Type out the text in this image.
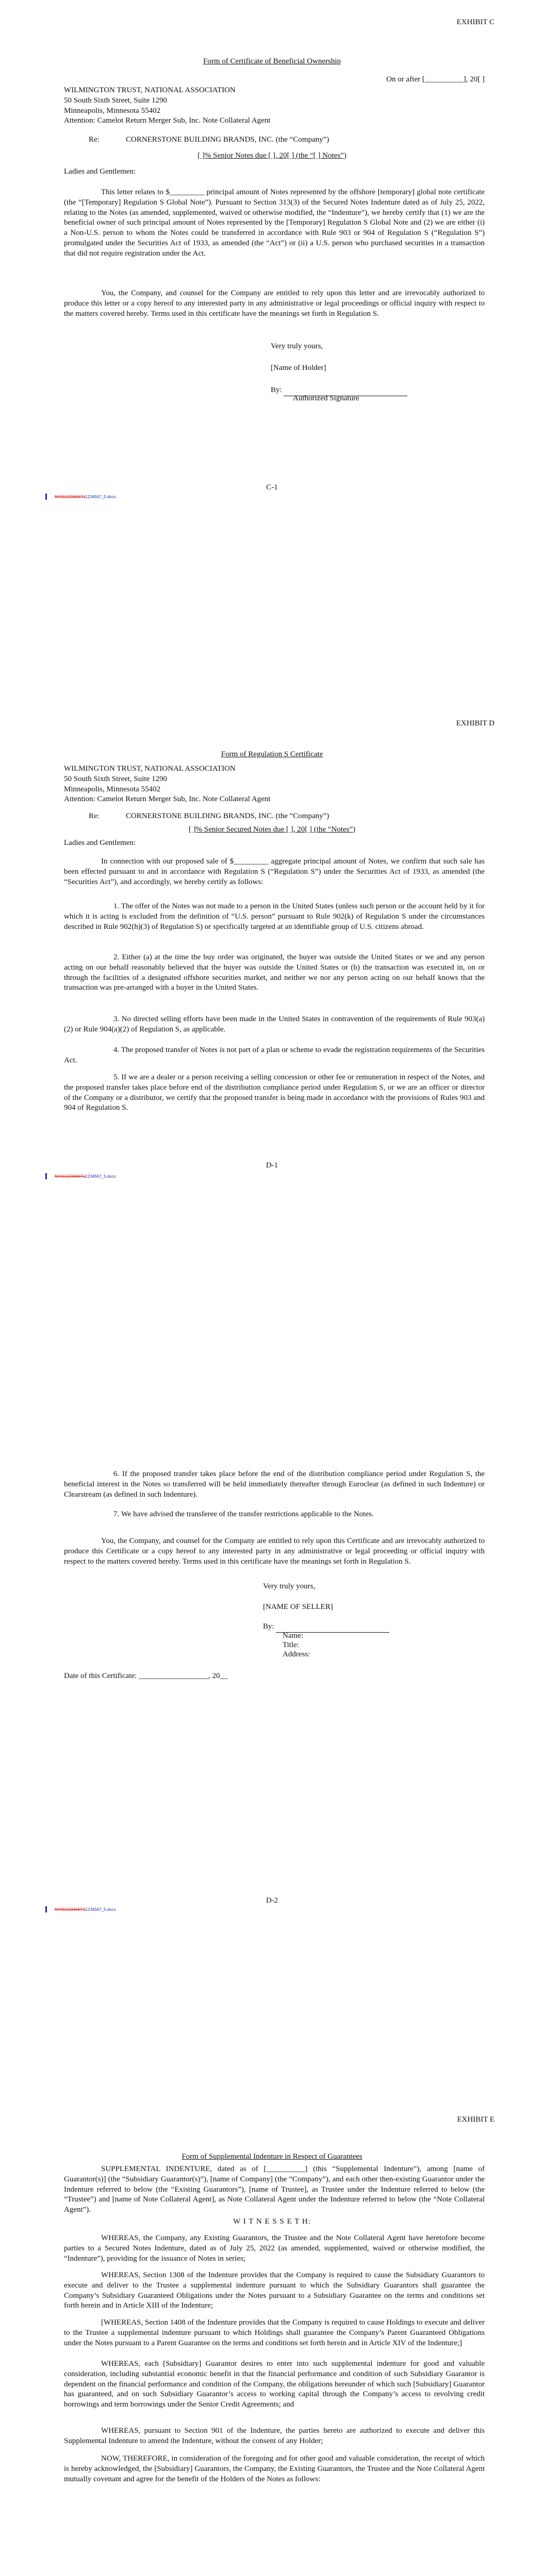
EXHIBIT C
Form of Certificate of Beneficial Ownership
On or after [__________], 20[ ]
WILMINGTON TRUST, NATIONAL ASSOCIATION
50 South Sixth Street, Suite 1290
Minneapolis, Minnesota 55402
Attention: Camelot Return Merger Sub, Inc. Note Collateral Agent
Re:	CORNERSTONE BUILDING BRANDS, INC. (the “Company”)
[ ]% Senior Notes due [ ], 20[ ] (the “[ ] Notes”)
Ladies and Gentlemen:

This letter relates to $_________ principal amount of Notes represented by the offshore [temporary] global note certificate (the “[Temporary] Regulation S Global Note”). Pursuant to Section 313(3) of the Secured Notes Indenture dated as of July 25, 2022, relating to the Notes (as amended, supplemented, waived or otherwise modified, the “Indenture”), we hereby certify that (1) we are the beneficial owner of such principal amount of Notes represented by the [Temporary] Regulation S Global Note and (2) we are either (i) a Non-U.S. person to whom the Notes could be transferred in accordance with Rule 903 or 904 of Regulation S (“Regulation S”) promulgated under the Securities Act of 1933, as amended (the “Act”) or (ii) a U.S. person who purchased securities in a transaction that did not require registration under the Act.

You, the Company, and counsel for the Company are entitled to rely upon this letter and are irrevocably authorized to produce this letter or a copy hereof to any interested party in any administrative or legal proceedings or official inquiry with respect to the matters covered hereby. Terms used in this certificate have the meanings set forth in Regulation S.

Very truly yours,
[Name of Holder]
By:
Authorized Signature
C-1
NY01\1234567\11234567_5.docx
EXHIBIT D
Form of Regulation S Certificate
WILMINGTON TRUST, NATIONAL ASSOCIATION
50 South Sixth Street, Suite 1290
Minneapolis, Minnesota 55402
Attention: Camelot Return Merger Sub, Inc. Note Collateral Agent
Re:	CORNERSTONE BUILDING BRANDS, INC. (the “Company”)
[ ]% Senior Secured Notes due [ ], 20[ ] (the “Notes”)
Ladies and Gentlemen:

In connection with our proposed sale of $_________ aggregate principal amount of Notes, we confirm that such sale has been effected pursuant to and in accordance with Regulation S (“Regulation S”) under the Securities Act of 1933, as amended (the “Securities Act”), and accordingly, we hereby certify as follows:

1. The offer of the Notes was not made to a person in the United States (unless such person or the account held by it for which it is acting is excluded from the definition of “U.S. person” pursuant to Rule 902(k) of Regulation S under the circumstances described in Rule 902(h)(3) of Regulation S) or specifically targeted at an identifiable group of U.S. citizens abroad.

2. Either (a) at the time the buy order was originated, the buyer was outside the United States or we and any person acting on our behalf reasonably believed that the buyer was outside the United States or (b) the transaction was executed in, on or through the facilities of a designated offshore securities market, and neither we nor any person acting on our behalf knows that the transaction was pre-arranged with a buyer in the United States.

3. No directed selling efforts have been made in the United States in contravention of the requirements of Rule 903(a)(2) or Rule 904(a)(2) of Regulation S, as applicable.

4. The proposed transfer of Notes is not part of a plan or scheme to evade the registration requirements of the Securities Act.

5. If we are a dealer or a person receiving a selling concession or other fee or remuneration in respect of the Notes, and the proposed transfer takes place before end of the distribution compliance period under Regulation S, or we are an officer or director of the Company or a distributor, we certify that the proposed transfer is being made in accordance with the provisions of Rules 903 and 904 of Regulation S.

D-1
NY01\1234567\11234567_5.docx

6. If the proposed transfer takes place before the end of the distribution compliance period under Regulation S, the beneficial interest in the Notes so transferred will be held immediately thereafter through Euroclear (as defined in such Indenture) or Clearstream (as defined in such Indenture).

7. We have advised the transferee of the transfer restrictions applicable to the Notes.

You, the Company, and counsel for the Company are entitled to rely upon this Certificate and are irrevocably authorized to produce this Certificate or a copy hereof to any interested party in any administrative or legal proceeding or official inquiry with respect to the matters covered hereby. Terms used in this certificate have the meanings set forth in Regulation S.

Very truly yours,
[NAME OF SELLER]
By:
Name:
Title:
Address:
Date of this Certificate: __________________, 20__
D-2
NY01\1234567\11234567_5.docx
EXHIBIT E
Form of Supplemental Indenture in Respect of Guarantees

SUPPLEMENTAL INDENTURE, dated as of [__________] (this “Supplemental Indenture”), among [name of Guarantor(s)] (the “Subsidiary Guarantor(s)”), [name of Company] (the “Company”), and each other then-existing Guarantor under the Indenture referred to below (the “Existing Guarantors”), [name of Trustee], as Trustee under the Indenture referred to below (the “Trustee”) and [name of Note Collateral Agent], as Note Collateral Agent under the Indenture referred to below (the “Note Collateral Agent”).

W I T N E S S E T H:

WHEREAS, the Company, any Existing Guarantors, the Trustee and the Note Collateral Agent have heretofore become parties to a Secured Notes Indenture, dated as of July 25, 2022 (as amended, supplemented, waived or otherwise modified, the “Indenture”), providing for the issuance of Notes in series;

WHEREAS, Section 1308 of the Indenture provides that the Company is required to cause the Subsidiary Guarantors to execute and deliver to the Trustee a supplemental indenture pursuant to which the Subsidiary Guarantors shall guarantee the Company’s Subsidiary Guaranteed Obligations under the Notes pursuant to a Subsidiary Guarantee on the terms and conditions set forth herein and in Article XIII of the Indenture;

[WHEREAS, Section 1408 of the Indenture provides that the Company is required to cause Holdings to execute and deliver to the Trustee a supplemental indenture pursuant to which Holdings shall guarantee the Company’s Parent Guaranteed Obligations under the Notes pursuant to a Parent Guarantee on the terms and conditions set forth herein and in Article XIV of the Indenture;]

WHEREAS, each [Subsidiary] Guarantor desires to enter into such supplemental indenture for good and valuable consideration, including substantial economic benefit in that the financial performance and condition of such Subsidiary Guarantor is dependent on the financial performance and condition of the Company, the obligations hereunder of which such [Subsidiary] Guarantor has guaranteed, and on such Subsidiary Guarantor’s access to working capital through the Company’s access to revolving credit borrowings and term borrowings under the Senior Credit Agreements; and

WHEREAS, pursuant to Section 901 of the Indenture, the parties hereto are authorized to execute and deliver this Supplemental Indenture to amend the Indenture, without the consent of any Holder;

NOW, THEREFORE, in consideration of the foregoing and for other good and valuable consideration, the receipt of which is hereby acknowledged, the [Subsidiary] Guarantors, the Company, the Existing Guarantors, the Trustee and the Note Collateral Agent mutually covenant and agree for the benefit of the Holders of the Notes as follows:
